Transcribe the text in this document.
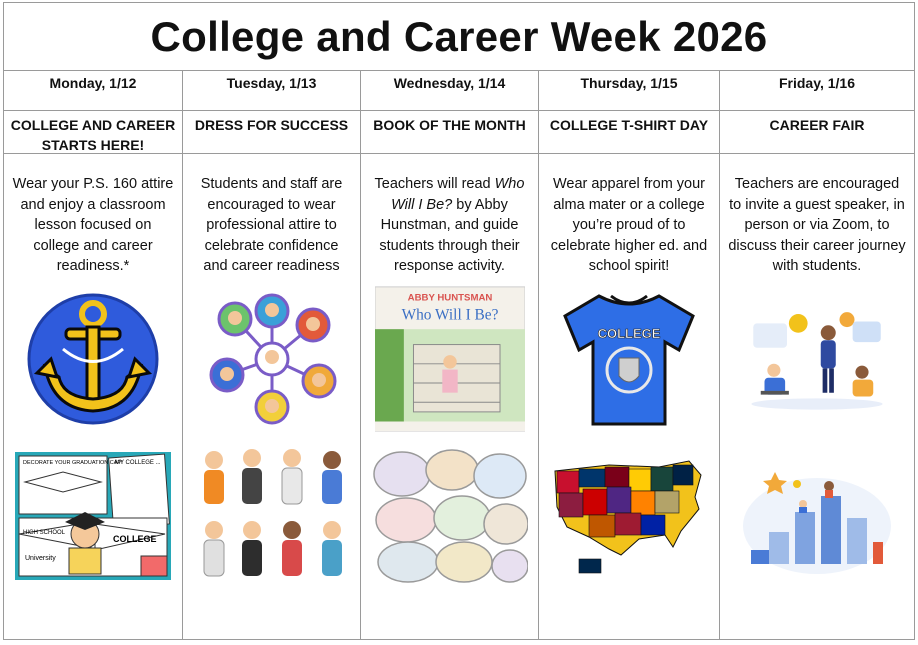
College and Career Week 2026
Monday, 1/12
COLLEGE AND CAREER STARTS HERE!
Wear your P.S. 160 attire and enjoy a classroom lesson focused on college and career readiness.*
DECORATE YOUR GRADUATION CAP!
MY COLLEGE ...
HIGH SCHOOL
COLLEGE
University
Tuesday, 1/13
DRESS FOR SUCCESS
Students and staff are encouraged to wear professional attire to celebrate confidence and career readiness
Wednesday, 1/14
BOOK OF THE MONTH
Teachers will read Who Will I Be? by Abby Hunstman, and guide students through their response activity.
ABBY HUNTSMAN
Who Will I Be?
Thursday, 1/15
COLLEGE T-SHIRT DAY
Wear apparel from your alma mater or a college you’re proud of to celebrate higher ed. and school spirit!
COLLEGE
Friday, 1/16
CAREER FAIR
Teachers are encouraged to invite a guest speaker, in person or via Zoom, to discuss their career journey with students.
